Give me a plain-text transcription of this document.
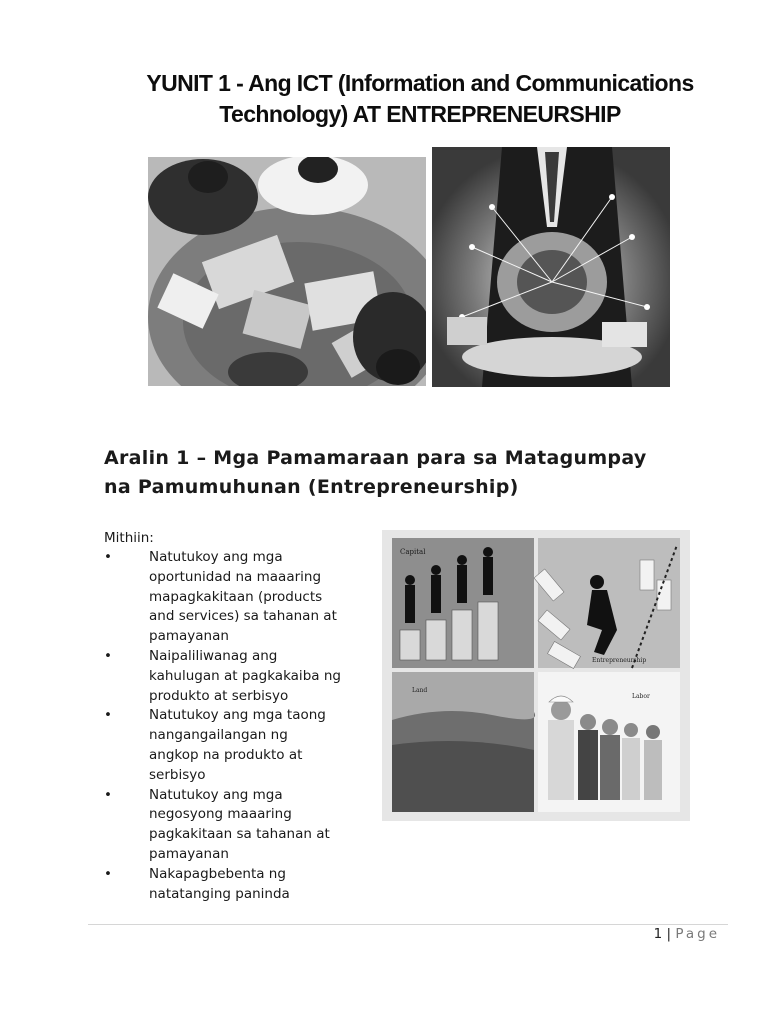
YUNIT 1 - Ang ICT (Information and Communications
Technology) AT ENTREPRENEURSHIP
Aralin 1 – Mga Pamamaraan para sa Matagumpay
na Pamumuhunan (Entrepreneurship)
Mithiin:
•	Natutukoy ang mga
oportunidad na maaaring
mapagkakitaan (products
and services) sa tahanan at
pamayanan
•	Naipaliliwanag ang
kahulugan at pagkakaiba ng
produkto at serbisyo
•	Natutukoy ang mga taong
nangangailangan ng
angkop na produkto at
serbisyo
•	Natutukoy ang mga
negosyong maaaring
pagkakitaan sa tahanan at
pamayanan
•	Nakapagbebenta ng
natatanging paninda
Capital
Entrepreneurship
Land
Labor
1 | Page
